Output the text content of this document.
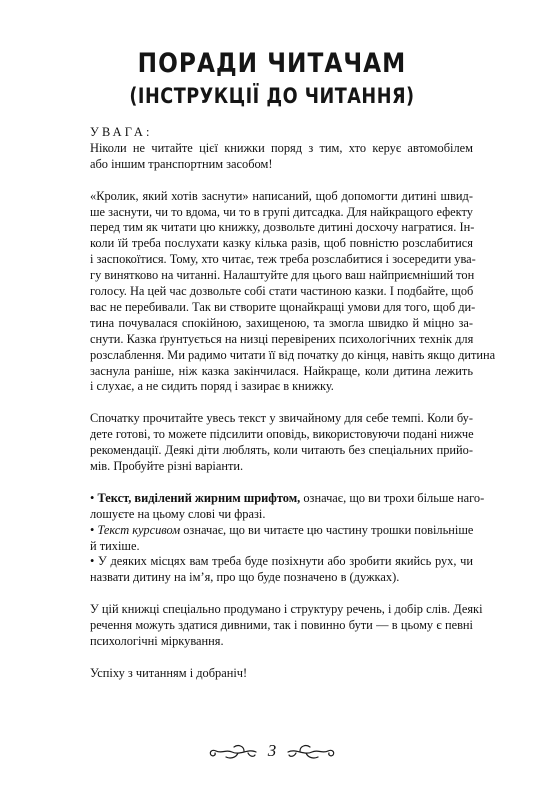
ПОРАДИ ЧИТАЧАМ
(ІНСТРУКЦІЇ ДО ЧИТАННЯ)
УВАГА:
Ніколи не читайте цієї книжки поряд з тим, хто керує автомобілем
або іншим транспортним засобом!
«Кролик, який хотів заснути» написаний, щоб допомогти дитині швид-
ше заснути, чи то вдома, чи то в групі дитсадка. Для найкращого ефекту
перед тим як читати цю книжку, дозвольте дитині досхочу награтися. Ін-
коли їй треба послухати казку кілька разів, щоб повністю розслабитися
і заспокоїтися. Тому, хто читає, теж треба розслабитися і зосередити ува-
гу винятково на читанні. Налаштуйте для цього ваш найприємніший тон
голосу. На цей час дозвольте собі стати частиною казки. І подбайте, щоб
вас не перебивали. Так ви створите щонайкращі умови для того, щоб ди-
тина почувалася спокійною, захищеною, та змогла швидко й міцно за-
снути. Казка ґрунтується на низці перевірених психологічних технік для
розслаблення. Ми радимо читати її від початку до кінця, навіть якщо дитина
заснула раніше, ніж казка закінчилася. Найкраще, коли дитина лежить
і слухає, а не сидить поряд і зазирає в книжку.
Спочатку прочитайте увесь текст у звичайному для себе темпі. Коли бу-
дете готові, то можете підсилити оповідь, використовуючи подані нижче
рекомендації. Деякі діти люблять, коли читають без спеціальних прийо-
мів. Пробуйте різні варіанти.
• Текст, виділений жирним шрифтом, означає, що ви трохи більше наго-
лошуєте на цьому слові чи фразі.
• Текст курсивом означає, що ви читаєте цю частину трошки повільніше
й тихіше.
• У деяких місцях вам треба буде позіхнути або зробити якийсь рух, чи
назвати дитину на ім’я, про що буде позначено в (дужках).
У цій книжці спеціально продумано і структуру речень, і добір слів. Деякі
речення можуть здатися дивними, так і повинно бути — в цьому є певні
психологічні міркування.
Успіху з читанням і добраніч!
3
